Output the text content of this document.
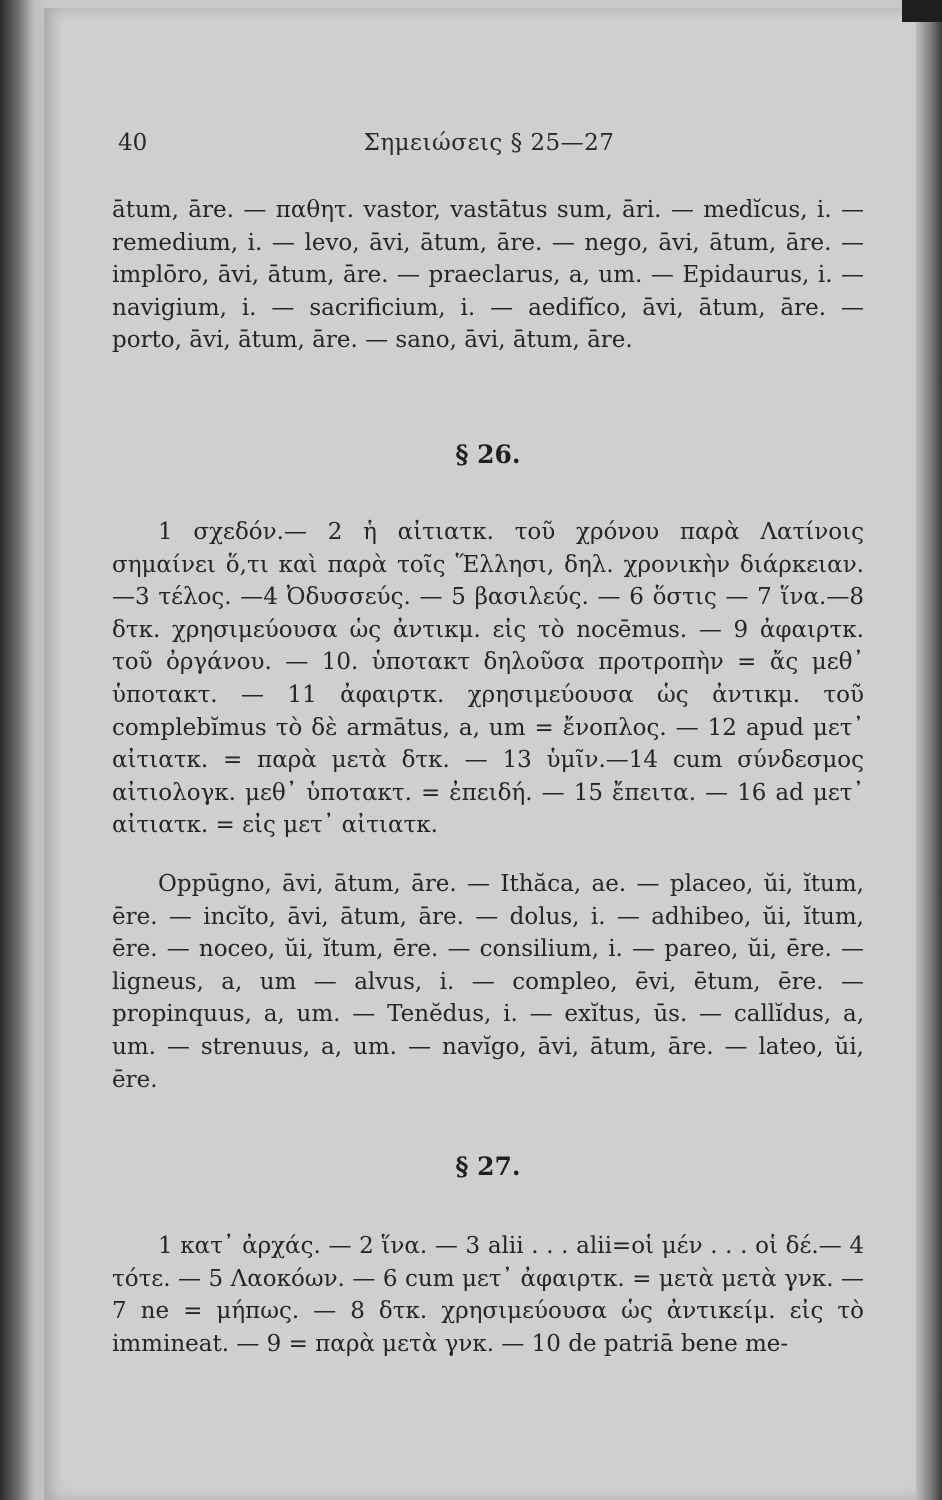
40	Σημειώσεις § 25—27
ātum, āre. — παθητ. vastor, vastātus sum, āri. — medĭcus, i. — remedium, i. — levo, āvi, ātum, āre. — nego, āvi, ātum, āre. — implōro, āvi, ātum, āre. — praeclarus, a, um. — Epidaurus, i. — navigium, i. — sacrificium, i. — aedifĭco, āvi, ātum, āre. — porto, āvi, ātum, āre. — sano, āvi, ātum, āre.
§ 26.
1 σχεδόν.— 2 ἡ αἰτιατκ. τοῦ χρόνου παρὰ Λατίνοις σημαίνει ὅ,τι καὶ παρὰ τοῖς Ἕλλησι, δηλ. χρονικὴν διάρκειαν.—3 τέλος. —4 Ὀδυσσεύς. — 5 βασιλεύς. — 6 ὅστις — 7 ἵνα.—8 δτκ. χρησιμεύουσα ὡς ἀντικμ. εἰς τὸ nocēmus. — 9 ἀφαιρτκ. τοῦ ὀργάνου. — 10. ὑποτακτ δηλοῦσα προτροπὴν = ἄς μεθ᾿ ὑποτακτ. — 11 ἀφαιρτκ. χρησιμεύουσα ὡς ἀντικμ. τοῦ complebĭmus τὸ δὲ armātus, a, um = ἔνοπλος. — 12 apud μετ᾿ αἰτιατκ. = παρὰ μετὰ δτκ. — 13 ὑμῖν.—14 cum σύνδεσμος αἰτιολογκ. μεθ᾿ ὑποτακτ. = ἐπειδή. — 15 ἔπειτα. — 16 ad μετ᾿ αἰτιατκ. = εἰς μετ᾿ αἰτιατκ.
Oppūgno, āvi, ātum, āre. — Ithăca, ae. — placeo, ŭi, ĭtum, ēre. — incĭto, āvi, ātum, āre. — dolus, i. — adhibeo, ŭi, ĭtum, ēre. — noceo, ŭi, ĭtum, ēre. — consilium, i. — pareo, ŭi, ēre. — ligneus, a, um — alvus, i. — compleo, ēvi, ētum, ēre. — propinquus, a, um. — Tenĕdus, i. — exĭtus, ūs. — callĭdus, a, um. — strenuus, a, um. — navĭgo, āvi, ātum, āre. — lateo, ŭi, ēre.
§ 27.
1 κατ᾿ ἀρχάς. — 2 ἵνα. — 3 alii . . . alii=οἱ μέν . . . οἱ δέ.— 4 τότε. — 5 Λαοκόων. — 6 cum μετ᾿ ἀφαιρτκ. = μετὰ μετὰ γνκ. — 7 ne = μήπως. — 8 δτκ. χρησιμεύουσα ὡς ἀντικείμ. εἰς τὸ immineat. — 9 = παρὰ μετὰ γνκ. — 10 de patriā bene me-
